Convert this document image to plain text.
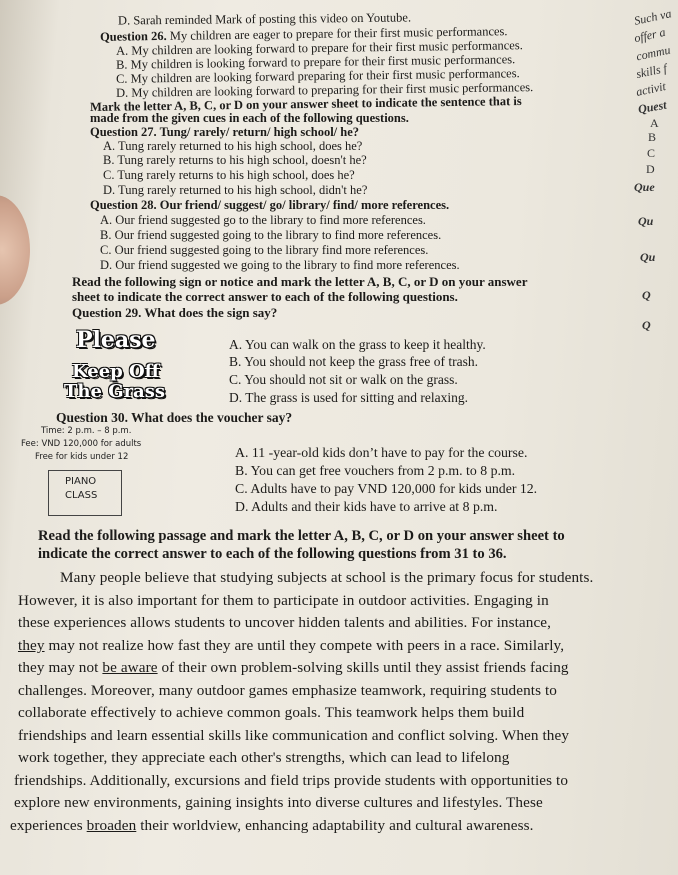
D. Sarah reminded Mark of posting this video on Youtube.
Question 26. My children are eager to prepare for their first music performances.
A. My children are looking forward to prepare for their first music performances.
B. My children is looking forward to prepare for their first music performances.
C. My children are looking forward preparing for their first music performances.
D. My children are looking forward to preparing for their first music performances.
Mark the letter A, B, C, or D on your answer sheet to indicate the sentence that is
made from the given cues in each of the following questions.
Question 27. Tung/ rarely/ return/ high school/ he?
A. Tung rarely returned to his high school, does he?
B. Tung rarely returns to his high school, doesn't he?
C. Tung rarely returns to his high school, does he?
D. Tung rarely returned to his high school, didn't he?
Question 28. Our friend/ suggest/ go/ library/ find/ more references.
A. Our friend suggested go to the library to find more references.
B. Our friend suggested going to the library to find more references.
C. Our friend suggested going to the library find more references.
D. Our friend suggested we going to the library to find more references.
Read the following sign or notice and mark the letter A, B, C, or D on your answer
sheet to indicate the correct answer to each of the following questions.
Question 29. What does the sign say?
Please
Keep Off
The Grass
A. You can walk on the grass to keep it healthy.
B. You should not keep the grass free of trash.
C. You should not sit or walk on the grass.
D. The grass is used for sitting and relaxing.
Question 30. What does the voucher say?
Time: 2 p.m. – 8 p.m.
Fee: VND 120,000 for adults
Free for kids under 12
PIANO
CLASS
A. 11 -year-old kids don’t have to pay for the course.
B. You can get free vouchers from 2 p.m. to 8 p.m.
C. Adults have to pay VND 120,000 for kids under 12.
D. Adults and their kids have to arrive at 8 p.m.
Read the following passage and mark the letter A, B, C, or D on your answer sheet to
indicate the correct answer to each of the following questions from 31 to 36.
Many people believe that studying subjects at school is the primary focus for students.
However, it is also important for them to participate in outdoor activities. Engaging in
these experiences allows students to uncover hidden talents and abilities. For instance,
they may not realize how fast they are until they compete with peers in a race. Similarly,
they may not be aware of their own problem-solving skills until they assist friends facing
challenges. Moreover, many outdoor games emphasize teamwork, requiring students to
collaborate effectively to achieve common goals. This teamwork helps them build
friendships and learn essential skills like communication and conflict solving. When they
work together, they appreciate each other's strengths, which can lead to lifelong
friendships. Additionally, excursions and field trips provide students with opportunities to
explore new environments, gaining insights into diverse cultures and lifestyles. These
experiences broaden their worldview, enhancing adaptability and cultural awareness.
Such va
offer a
commu
skills f
activit
Quest
A
B
C
D
Que
Qu
Qu
Q
Q
